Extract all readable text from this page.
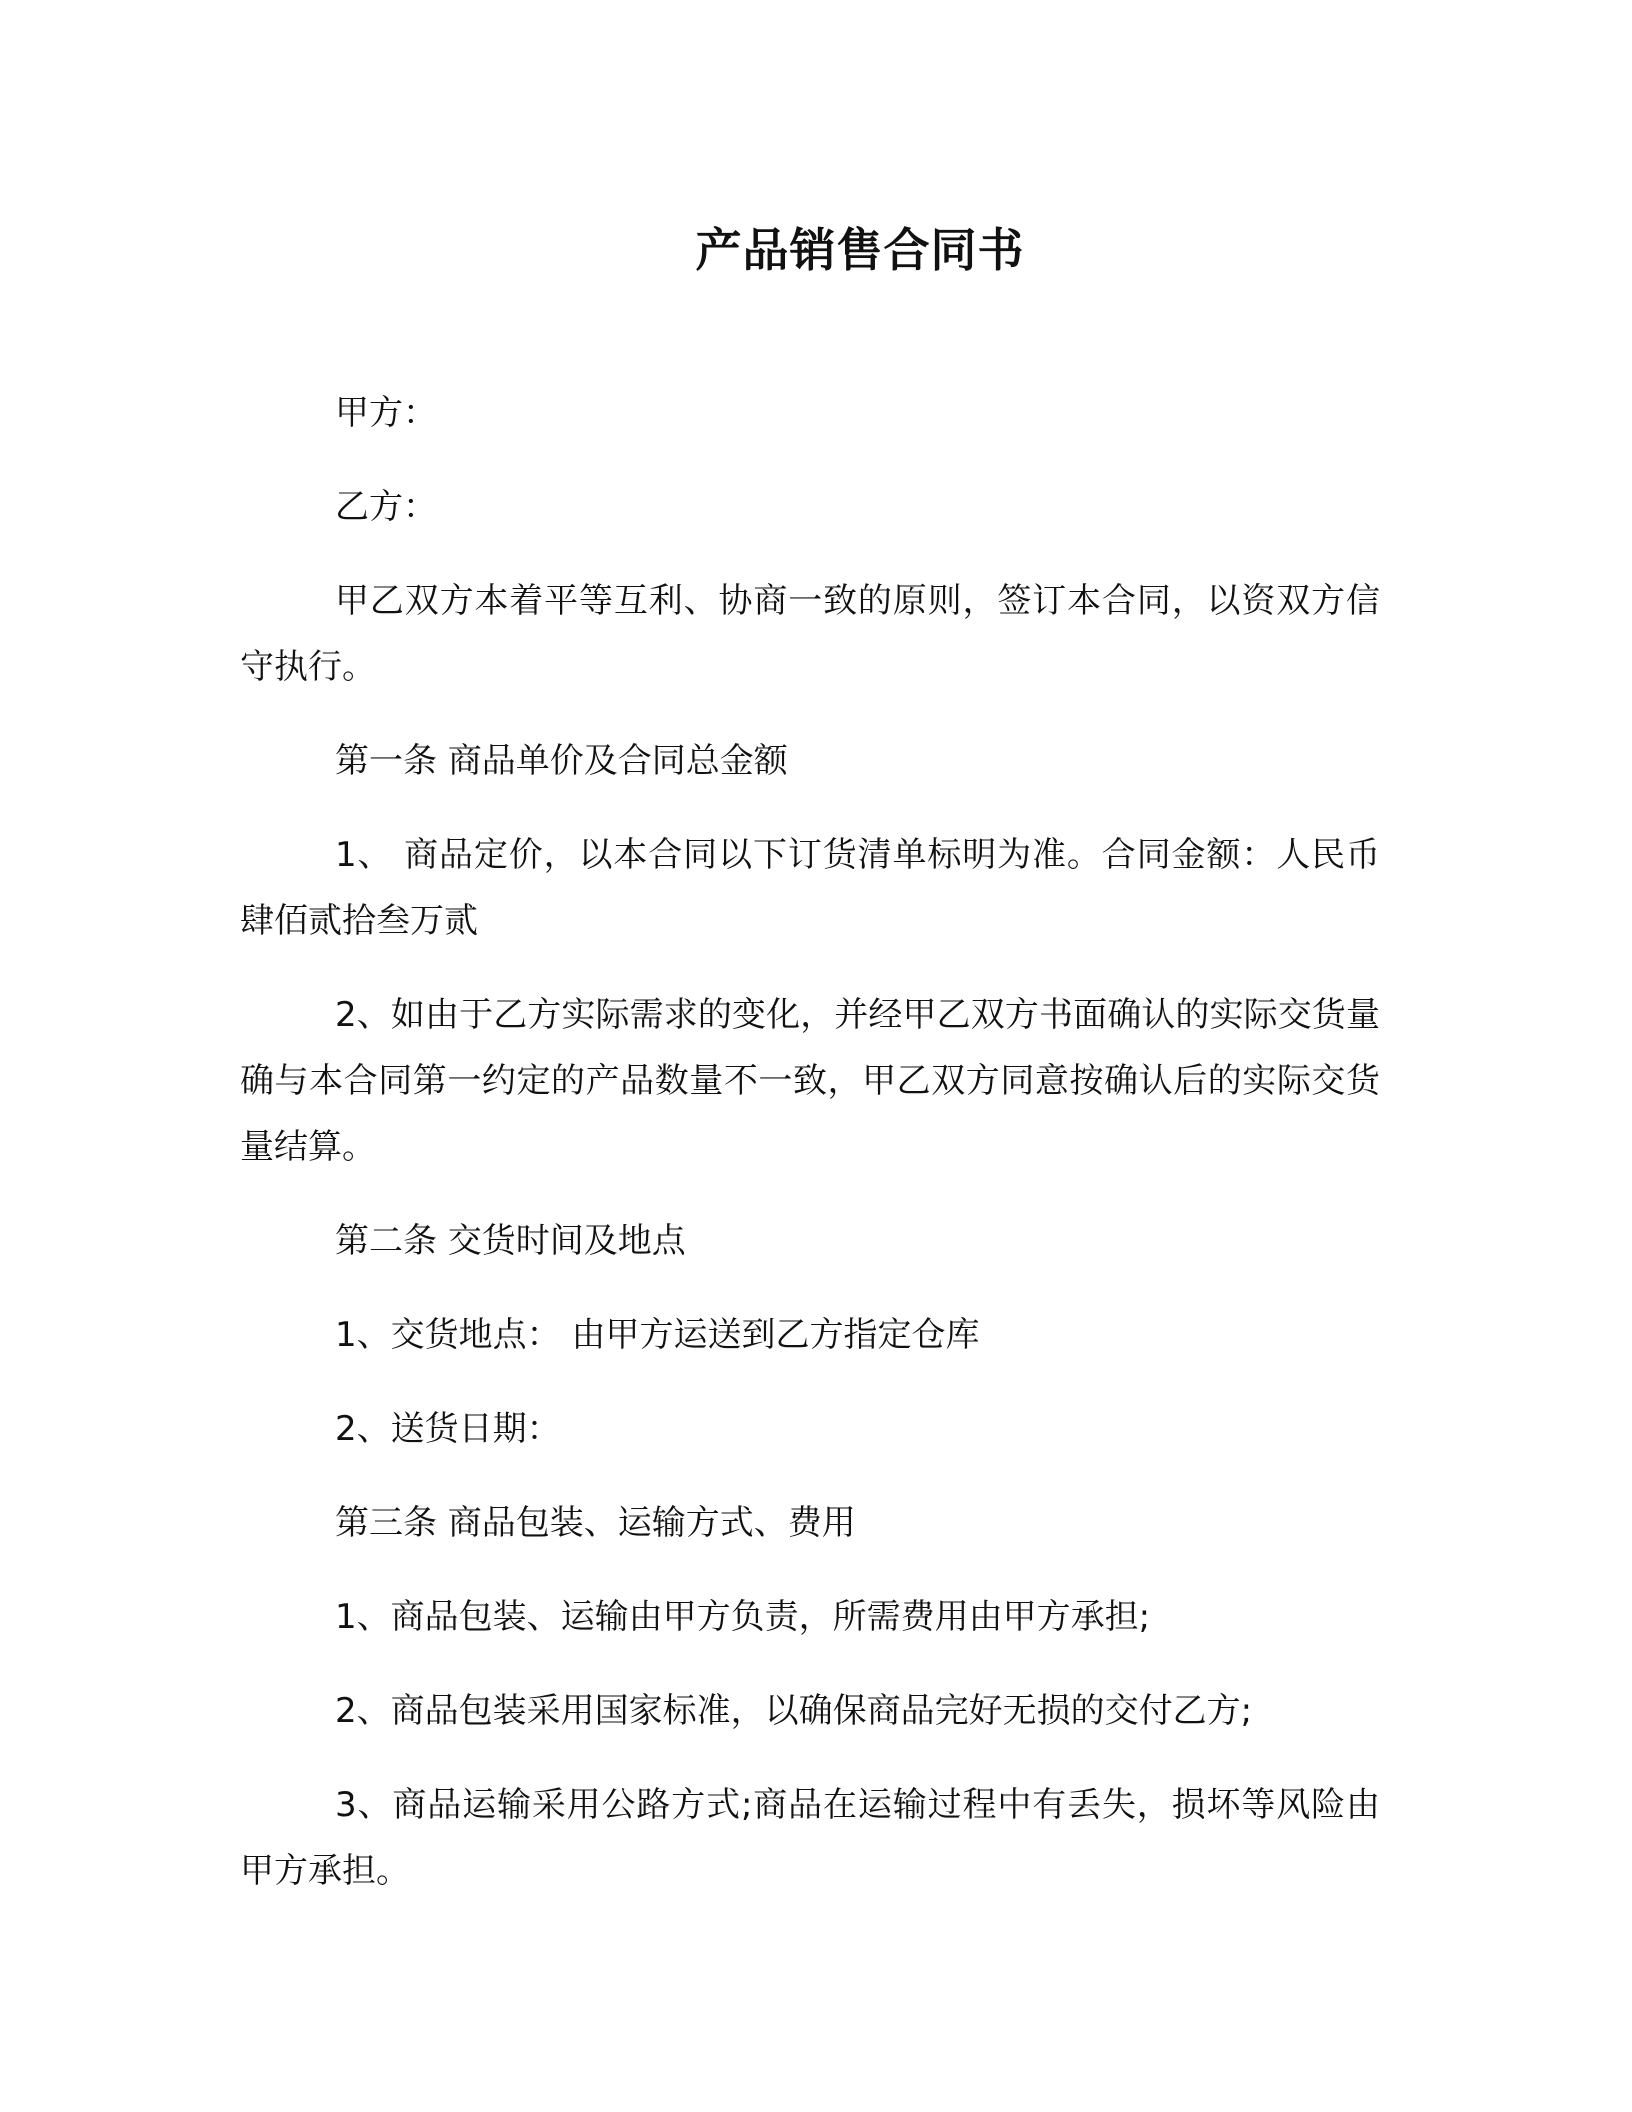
产品销售合同书

甲方：

乙方：

甲乙双方本着平等互利、协商一致的原则，签订本合同，以资双方信守执行。

第一条 商品单价及合同总金额

1、 商品定价，以本合同以下订货清单标明为准。合同金额：人民币肆佰贰拾叁万贰

2、如由于乙方实际需求的变化，并经甲乙双方书面确认的实际交货量确与本合同第一约定的产品数量不一致，甲乙双方同意按确认后的实际交货量结算。

第二条 交货时间及地点

1、交货地点： 由甲方运送到乙方指定仓库

2、送货日期：

第三条 商品包装、运输方式、费用

1、商品包装、运输由甲方负责，所需费用由甲方承担;

2、商品包装采用国家标准，以确保商品完好无损的交付乙方;

3、商品运输采用公路方式;商品在运输过程中有丢失，损坏等风险由甲方承担。
